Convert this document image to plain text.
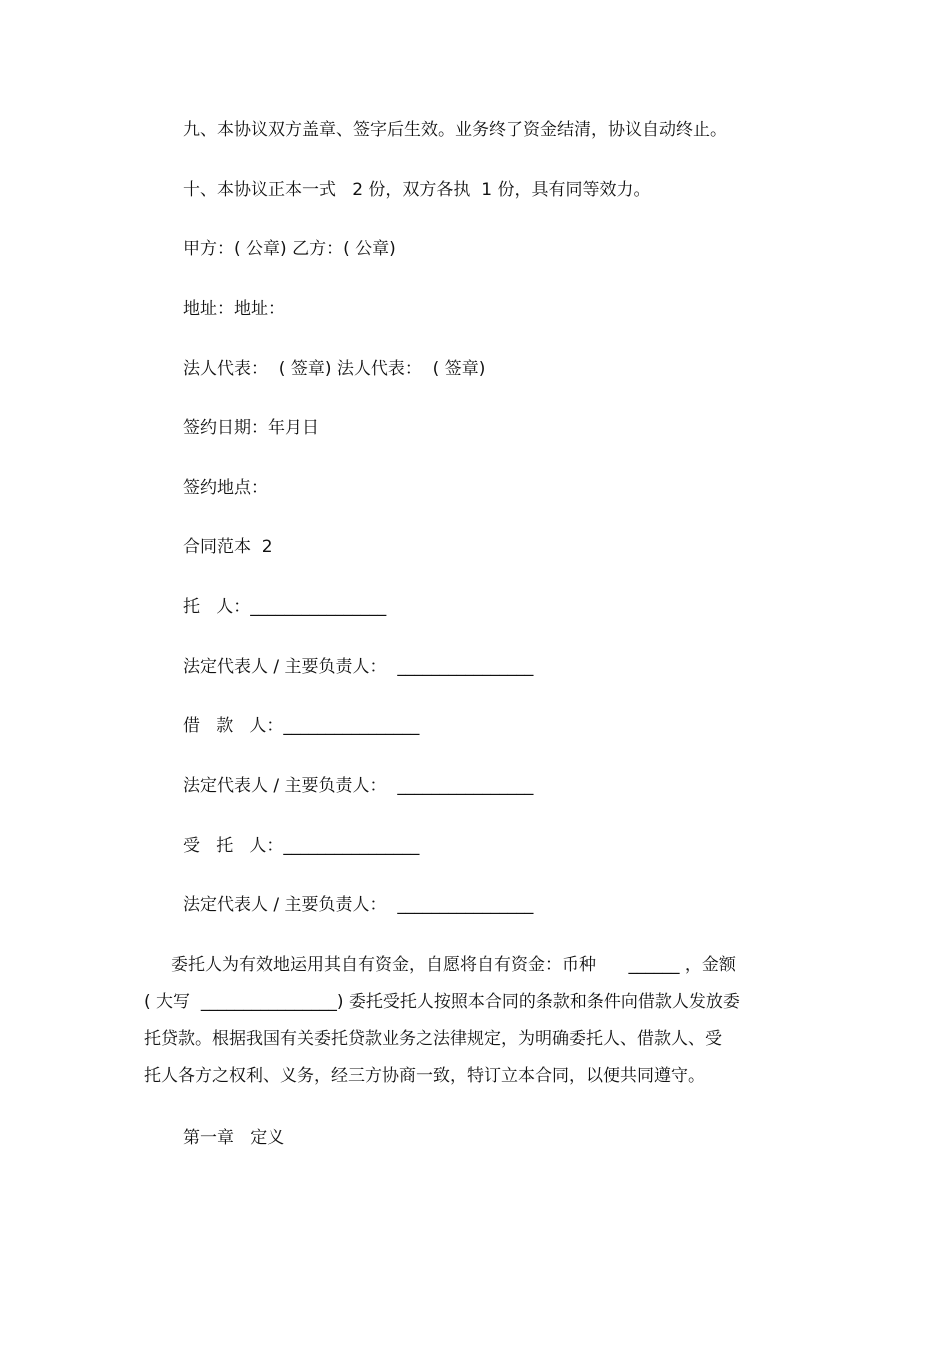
九、本协议双方盖章、签字后生效。业务终了资金结清，协议自动终止。
十、本协议正本一式   2 份，双方各执  1 份，具有同等效力。
甲方：( 公章) 乙方：( 公章)
地址：地址：
法人代表：  ( 签章) 法人代表：  ( 签章)
签约日期：年月日
签约地点：
合同范本  2
托   人：________________
法定代表人 / 主要负责人：  ________________
借   款   人：________________
法定代表人 / 主要负责人：  ________________
受   托   人：________________
法定代表人 / 主要负责人：  ________________
委托人为有效地运用其自有资金，自愿将自有资金：币种      ______ ，金额
( 大写  ________________) 委托受托人按照本合同的条款和条件向借款人发放委
托贷款。根据我国有关委托贷款业务之法律规定，为明确委托人、借款人、受
托人各方之权利、义务，经三方协商一致，特订立本合同，以便共同遵守。
第一章   定义
